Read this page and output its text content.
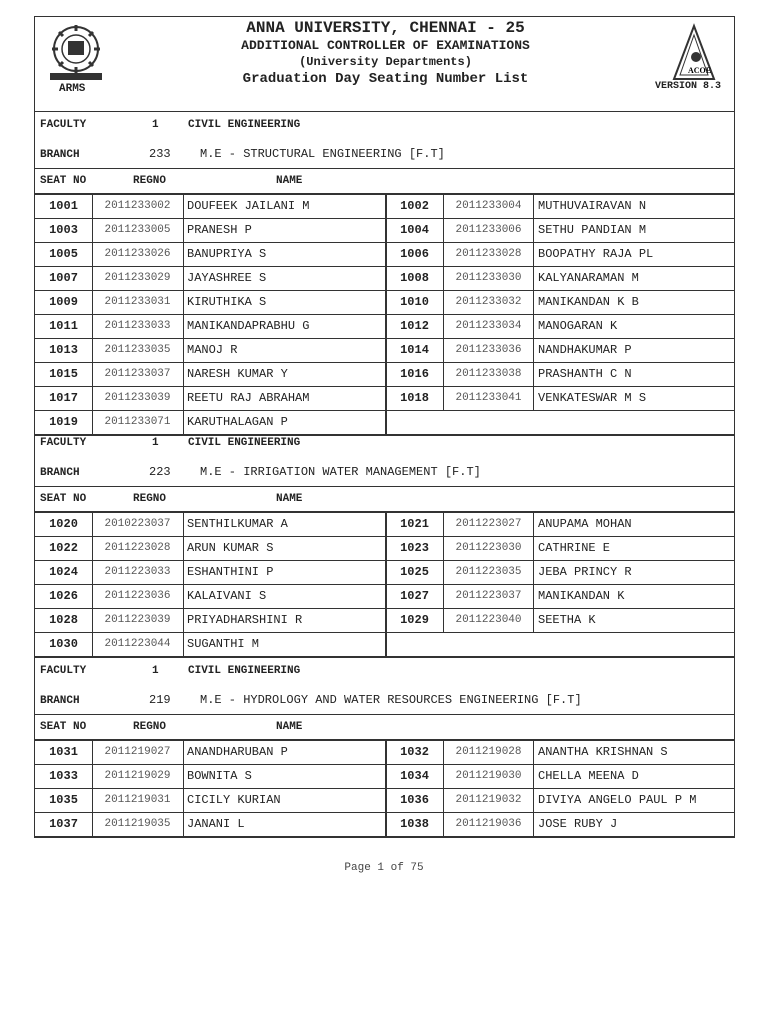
ARMS
ANNA UNIVERSITY, CHENNAI - 25
ADDITIONAL CONTROLLER OF EXAMINATIONS
(University Departments)
Graduation Day Seating Number List
ACOE
VERSION 8.3
FACULTY	1	CIVIL ENGINEERING
BRANCH	233 M.E - STRUCTURAL ENGINEERING [F.T]
SEAT NO	REGNO	NAME
1001	2011233002	DOUFEEK JAILANI M	1002	2011233004	MUTHUVAIRAVAN N
1003	2011233005	PRANESH P	1004	2011233006	SETHU PANDIAN M
1005	2011233026	BANUPRIYA S	1006	2011233028	BOOPATHY RAJA PL
1007	2011233029	JAYASHREE S	1008	2011233030	KALYANARAMAN M
1009	2011233031	KIRUTHIKA S	1010	2011233032	MANIKANDAN K B
1011	2011233033	MANIKANDAPRABHU G	1012	2011233034	MANOGARAN K
1013	2011233035	MANOJ R	1014	2011233036	NANDHAKUMAR P
1015	2011233037	NARESH KUMAR Y	1016	2011233038	PRASHANTH C N
1017	2011233039	REETU RAJ ABRAHAM	1018	2011233041	VENKATESWAR M S
1019	2011233071	KARUTHALAGAN P
FACULTY	1	CIVIL ENGINEERING
BRANCH	223 M.E - IRRIGATION WATER MANAGEMENT [F.T]
SEAT NO	REGNO	NAME
1020	2010223037	SENTHILKUMAR A	1021	2011223027	ANUPAMA MOHAN
1022	2011223028	ARUN KUMAR S	1023	2011223030	CATHRINE E
1024	2011223033	ESHANTHINI P	1025	2011223035	JEBA PRINCY R
1026	2011223036	KALAIVANI S	1027	2011223037	MANIKANDAN K
1028	2011223039	PRIYADHARSHINI R	1029	2011223040	SEETHA K
1030	2011223044	SUGANTHI M
FACULTY	1	CIVIL ENGINEERING
BRANCH	219 M.E - HYDROLOGY AND WATER RESOURCES ENGINEERING [F.T]
SEAT NO	REGNO	NAME
1031	2011219027	ANANDHARUBAN P	1032	2011219028	ANANTHA KRISHNAN S
1033	2011219029	BOWNITA S	1034	2011219030	CHELLA MEENA D
1035	2011219031	CICILY KURIAN	1036	2011219032	DIVIYA ANGELO PAUL P M
1037	2011219035	JANANI L	1038	2011219036	JOSE RUBY J
Page 1 of 75
